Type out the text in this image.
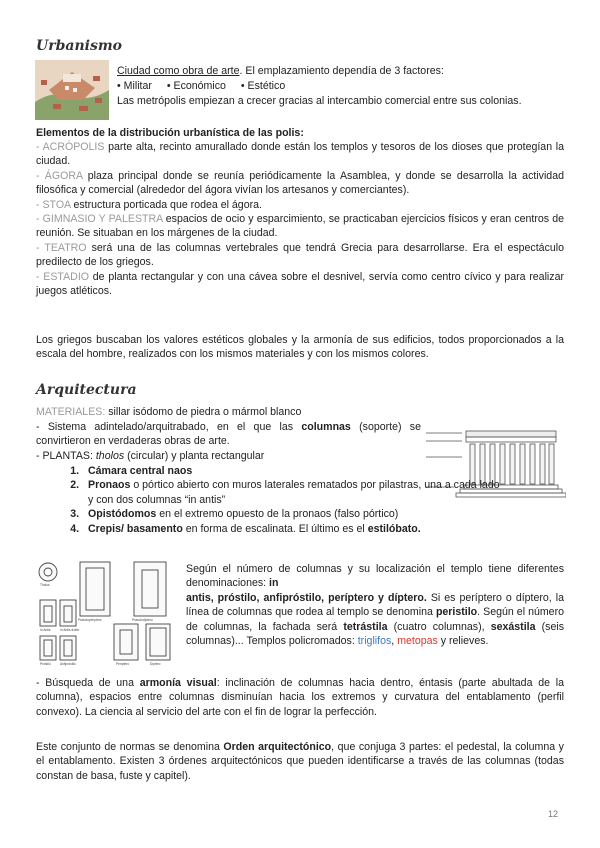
Urbanismo

Ciudad como obra de arte. El emplazamiento dependía de 3 factores:

• Militar • Económico • Estético

Las metrópolis empiezan a crecer gracias al intercambio comercial entre sus colonias.

Elementos de la distribución urbanística de las polis:

- ACRÓPOLIS parte alta, recinto amurallado donde están los templos y tesoros de los dioses que protegían la ciudad.

- ÁGORA plaza principal donde se reunía periódicamente la Asamblea, y donde se desarrolla la actividad filosófica y comercial (alrededor del ágora vivían los artesanos y comerciantes).

- STOA estructura porticada que rodea el ágora.

- GIMNASIO Y PALESTRA espacios de ocio y esparcimiento, se practicaban ejercicios físicos y eran centros de reunión. Se situaban en los márgenes de la ciudad.

- TEATRO será una de las columnas vertebrales que tendrá Grecia para desarrollarse. Era el espectáculo predilecto de los griegos.

- ESTADIO de planta rectangular y con una cávea sobre el desnivel, servía como centro cívico y para realizar juegos atléticos.

Los griegos buscaban los valores estéticos globales y la armonía de sus edificios, todos proporcionados a la escala del hombre, realizados con los mismos materiales y con los mismos colores.

Arquitectura

MATERIALES: sillar isódomo de piedra o mármol blanco

- Sistema adintelado/arquitrabado, en el que las columnas (soporte) se convirtieron en verdaderas obras de arte.

- PLANTAS: tholos (circular) y planta rectangular

1. Cámara central naos
2. Pronaos o pórtico abierto con muros laterales rematados por pilastras, una a cada lado y con dos columnas “in antis”
3. Opistódomos en el extremo opuesto de la pronaos (falso pórtico)
4. Crepis/ basamento en forma de escalinata. El último es el estilóbato.
Pseudoperíptero	Pseudodíptero
In Antis	In Antis doble
Próstilo	Anfipróstilo	Períptero	Díptero
Tholos

Según el número de columnas y su localización el templo tiene diferentes denominaciones: in
antis, próstilo, anfipróstilo, períptero y díptero. Si es períptero o díptero, la línea de columnas que rodea al templo se denomina peristilo. Según el número de columnas, la fachada será tetrástila (cuatro columnas), sexástila (seis columnas)... Templos policromados: triglifos, metopas y relieves.

- Búsqueda de una armonía visual: inclinación de columnas hacia dentro, éntasis (parte abultada de la columna), espacios entre columnas disminuían hacia los extremos y curvatura del entablamento (perfil convexo). La ciencia al servicio del arte con el fin de lograr la perfección.

Este conjunto de normas se denomina Orden arquitectónico, que conjuga 3 partes: el pedestal, la columna y el entablamento. Existen 3 órdenes arquitectónicos que pueden identificarse a través de las columnas (todas constan de basa, fuste y capitel).

12
